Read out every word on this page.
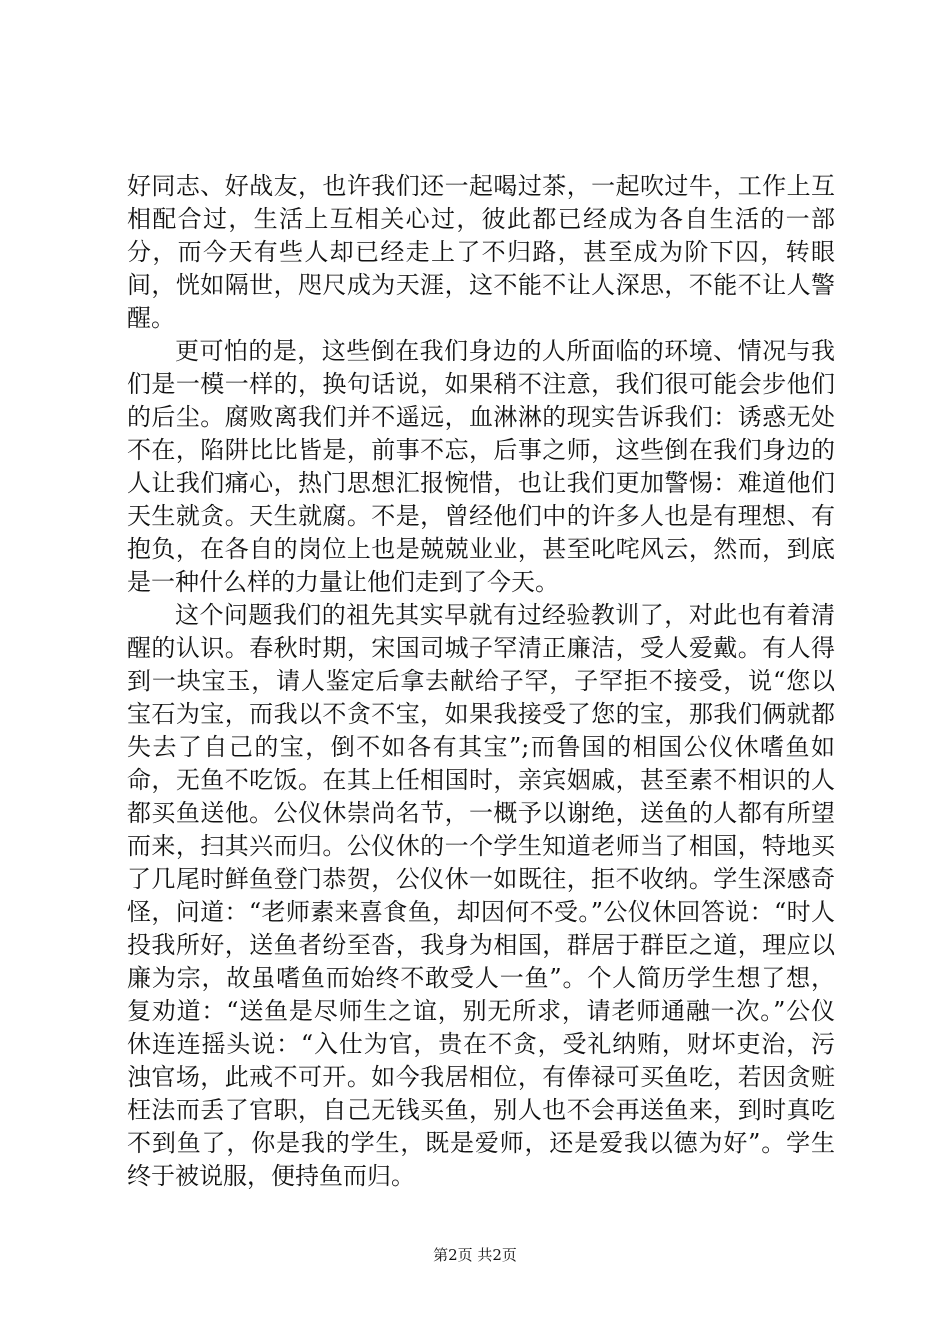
好同志、好战友，也许我们还一起喝过茶，一起吹过牛，工作上互相配合过，生活上互相关心过，彼此都已经成为各自生活的一部分，而今天有些人却已经走上了不归路，甚至成为阶下囚，转眼间，恍如隔世，咫尺成为天涯，这不能不让人深思，不能不让人警醒。

更可怕的是，这些倒在我们身边的人所面临的环境、情况与我们是一模一样的，换句话说，如果稍不注意，我们很可能会步他们的后尘。腐败离我们并不遥远，血淋淋的现实告诉我们：诱惑无处不在，陷阱比比皆是，前事不忘，后事之师，这些倒在我们身边的人让我们痛心，热门思想汇报惋惜，也让我们更加警惕：难道他们天生就贪。天生就腐。不是，曾经他们中的许多人也是有理想、有抱负，在各自的岗位上也是兢兢业业，甚至叱咤风云，然而，到底是一种什么样的力量让他们走到了今天。

这个问题我们的祖先其实早就有过经验教训了，对此也有着清醒的认识。春秋时期，宋国司城子罕清正廉洁，受人爱戴。有人得到一块宝玉，请人鉴定后拿去献给子罕，子罕拒不接受，说“您以宝石为宝，而我以不贪不宝，如果我接受了您的宝，那我们俩就都失去了自己的宝，倒不如各有其宝”;而鲁国的相国公仪休嗜鱼如命，无鱼不吃饭。在其上任相国时，亲宾姻戚，甚至素不相识的人都买鱼送他。公仪休崇尚名节，一概予以谢绝，送鱼的人都有所望而来，扫其兴而归。公仪休的一个学生知道老师当了相国，特地买了几尾时鲜鱼登门恭贺，公仪休一如既往，拒不收纳。学生深感奇怪，问道：“老师素来喜食鱼，却因何不受。”公仪休回答说：“时人投我所好，送鱼者纷至沓，我身为相国，群居于群臣之道，理应以廉为宗，故虽嗜鱼而始终不敢受人一鱼”。个人简历学生想了想，复劝道：“送鱼是尽师生之谊，别无所求，请老师通融一次。”公仪休连连摇头说：“入仕为官，贵在不贪，受礼纳贿，财坏吏治，污浊官场，此戒不可开。如今我居相位，有俸禄可买鱼吃，若因贪赃枉法而丢了官职，自己无钱买鱼，别人也不会再送鱼来，到时真吃不到鱼了，你是我的学生，既是爱师，还是爱我以德为好”。学生终于被说服，便持鱼而归。

第2页 共2页
